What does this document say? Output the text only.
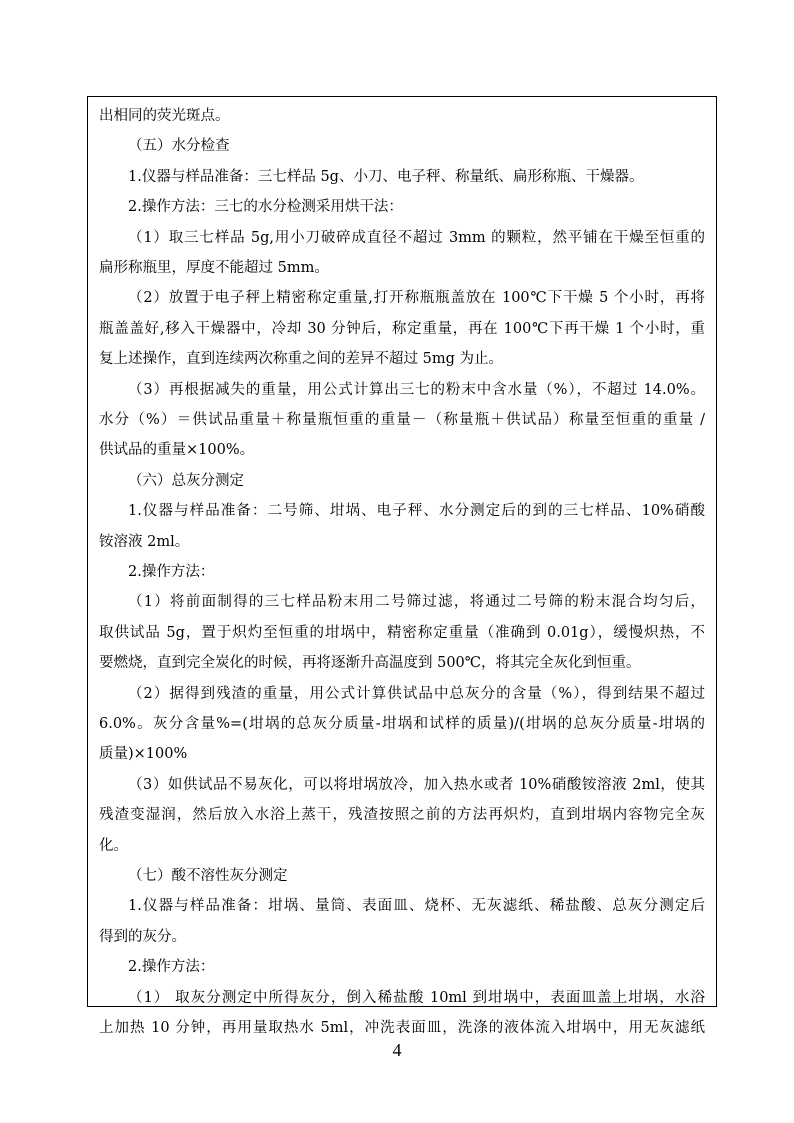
出相同的荧光斑点。
（五）水分检查
1.仪器与样品准备：三七样品 5g、小刀、电子秤、称量纸、扁形称瓶、干燥器。
2.操作方法：三七的水分检测采用烘干法：
（1）取三七样品 5g,用小刀破碎成直径不超过 3mm 的颗粒，然平铺在干燥至恒重的
扁形称瓶里，厚度不能超过 5mm。
（2）放置于电子秤上精密称定重量,打开称瓶瓶盖放在 100℃下干燥 5 个小时，再将
瓶盖盖好,移入干燥器中，冷却 30 分钟后，称定重量，再在 100℃下再干燥 1 个小时，重
复上述操作，直到连续两次称重之间的差异不超过 5mg 为止。
（3）再根据减失的重量，用公式计算出三七的粉末中含水量（%），不超过 14.0%。
水分（%）＝供试品重量＋称量瓶恒重的重量－（称量瓶＋供试品）称量至恒重的重量 /
供试品的重量×100%。
（六）总灰分测定
1.仪器与样品准备：二号筛、坩埚、电子秤、水分测定后的到的三七样品、10%硝酸
铵溶液 2ml。
2.操作方法：
（1）将前面制得的三七样品粉末用二号筛过滤，将通过二号筛的粉末混合均匀后，
取供试品 5g，置于炽灼至恒重的坩埚中，精密称定重量（准确到 0.01g），缓慢炽热，不
要燃烧，直到完全炭化的时候，再将逐渐升高温度到 500℃，将其完全灰化到恒重。
（2）据得到残渣的重量，用公式计算供试品中总灰分的含量（%），得到结果不超过
6.0%。灰分含量%=(坩埚的总灰分质量-坩埚和试样的质量)/(坩埚的总灰分质量-坩埚的
质量)×100%
（3）如供试品不易灰化，可以将坩埚放冷，加入热水或者 10%硝酸铵溶液 2ml，使其
残渣变湿润，然后放入水浴上蒸干，残渣按照之前的方法再炽灼，直到坩埚内容物完全灰
化。
（七）酸不溶性灰分测定
1.仪器与样品准备：坩埚、量筒、表面皿、烧杯、无灰滤纸、稀盐酸、总灰分测定后
得到的灰分。
2.操作方法：
（1） 取灰分测定中所得灰分，倒入稀盐酸 10ml 到坩埚中，表面皿盖上坩埚，水浴
上加热 10 分钟，再用量取热水 5ml，冲洗表面皿，洗涤的液体流入坩埚中，用无灰滤纸
4
